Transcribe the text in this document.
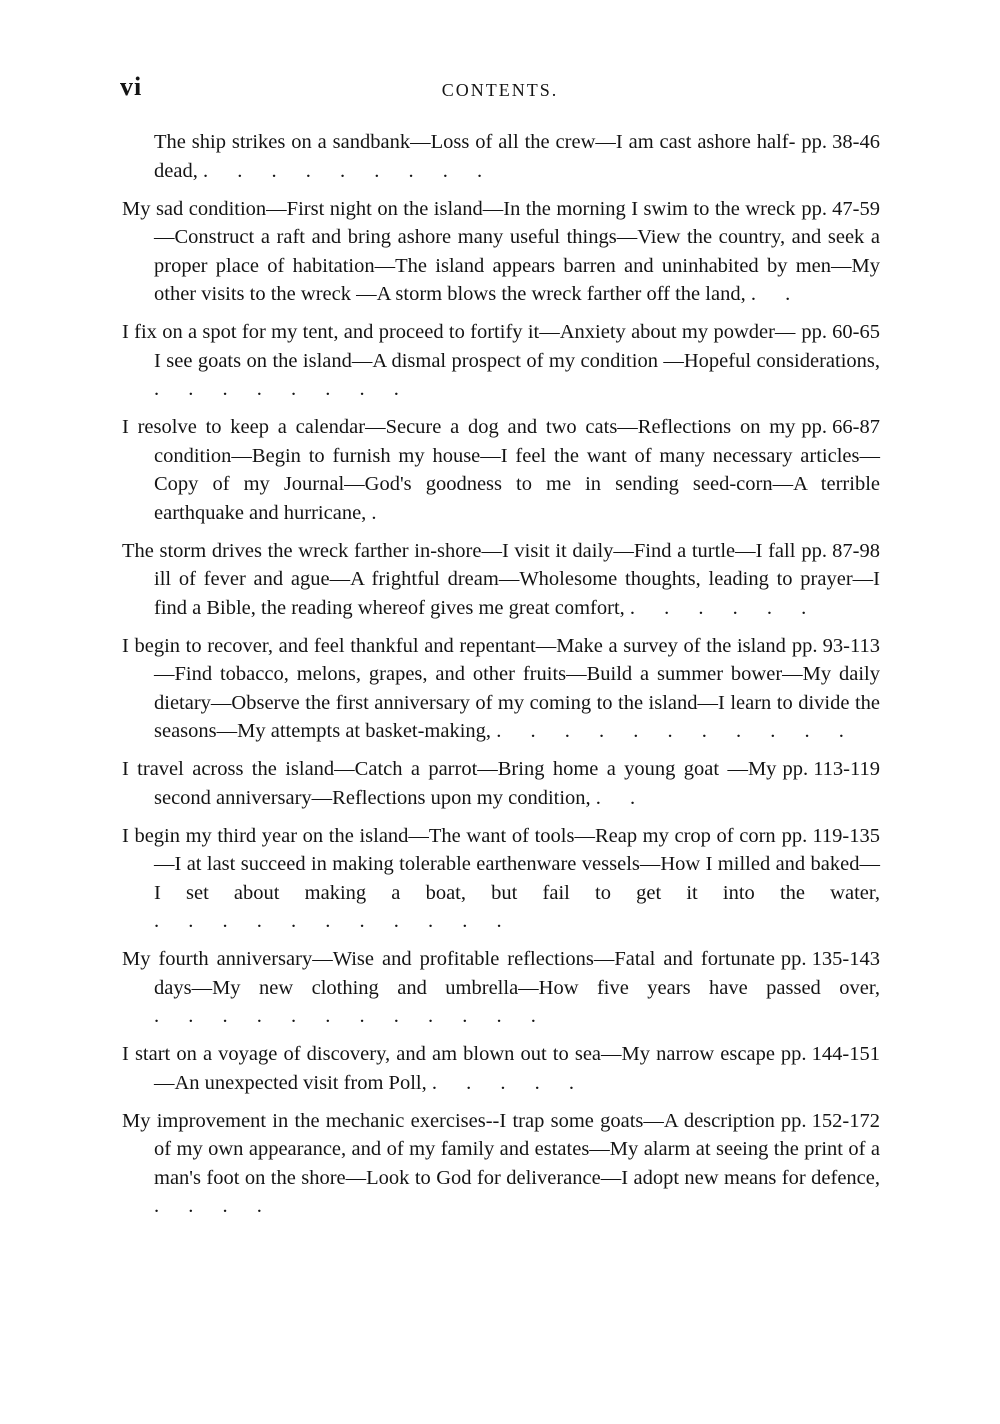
vi	CONTENTS.
pp. 38-46
The ship strikes on a sandbank—Loss of all the crew—I am cast ashore half-dead, . . . . . . . . .
pp. 47-59
My sad condition—First night on the island—In the morning I swim to the wreck—Construct a raft and bring ashore many useful things—View the country, and seek a proper place of habitation—The island appears barren and uninhabited by men—My other visits to the wreck —A storm blows the wreck farther off the land, . .
pp. 60-65
I fix on a spot for my tent, and proceed to fortify it—Anxiety about my powder—I see goats on the island—A dismal prospect of my condition —Hopeful considerations, . . . . . . . .
pp. 66-87
I resolve to keep a calendar—Secure a dog and two cats—Reflections on my condition—Begin to furnish my house—I feel the want of many necessary articles—Copy of my Journal—God's goodness to me in sending seed-corn—A terrible earthquake and hurricane, .
pp. 87-98
The storm drives the wreck farther in-shore—I visit it daily—Find a turtle—I fall ill of fever and ague—A frightful dream—Wholesome thoughts, leading to prayer—I find a Bible, the reading whereof gives me great comfort, . . . . . .
pp. 93-113
I begin to recover, and feel thankful and repentant—Make a survey of the island—Find tobacco, melons, grapes, and other fruits—Build a summer bower—My daily dietary—Observe the first anniversary of my coming to the island—I learn to divide the seasons—My attempts at basket-making, . . . . . . . . . . .
pp. 113-119
I travel across the island—Catch a parrot—Bring home a young goat —My second anniversary—Reflections upon my condition, . .
pp. 119-135
I begin my third year on the island—The want of tools—Reap my crop of corn—I at last succeed in making tolerable earthenware vessels—How I milled and baked—I set about making a boat, but fail to get it into the water, . . . . . . . . . . .
pp. 135-143
My fourth anniversary—Wise and profitable reflections—Fatal and fortunate days—My new clothing and umbrella—How five years have passed over, . . . . . . . . . . . .
pp. 144-151
I start on a voyage of discovery, and am blown out to sea—My narrow escape—An unexpected visit from Poll, . . . . .
pp. 152-172
My improvement in the mechanic exercises--I trap some goats—A description of my own appearance, and of my family and estates—My alarm at seeing the print of a man's foot on the shore—Look to God for deliverance—I adopt new means for defence, . . . .
